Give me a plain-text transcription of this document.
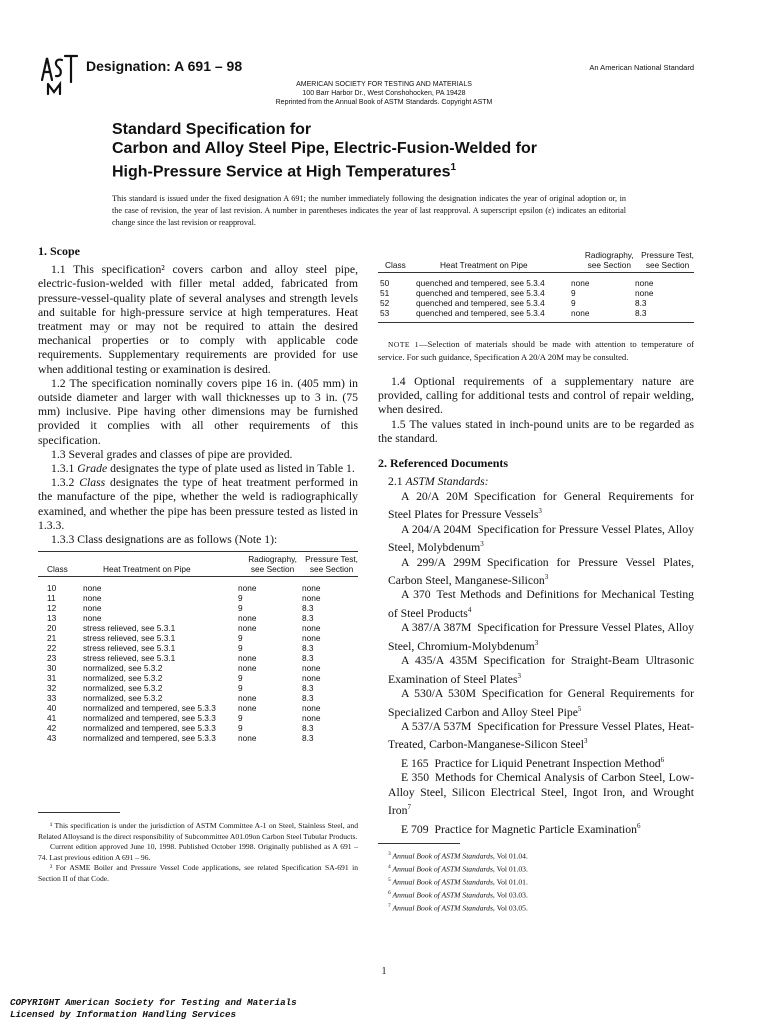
Designation: A 691 – 98	An American National Standard
AMERICAN SOCIETY FOR TESTING AND MATERIALS
100 Barr Harbor Dr., West Conshohocken, PA 19428
Reprinted from the Annual Book of ASTM Standards. Copyright ASTM
Standard Specification for
Carbon and Alloy Steel Pipe, Electric-Fusion-Welded for
High-Pressure Service at High Temperatures$^1$
This standard is issued under the fixed designation A 691; the number immediately following the designation indicates the year of original adoption or, in the case of revision, the year of last revision. A number in parentheses indicates the year of last reapproval. A superscript epsilon (ε) indicates an editorial change since the last revision or reapproval.
1. Scope

1.1 This specification² covers carbon and alloy steel pipe, electric-fusion-welded with filler metal added, fabricated from pressure-vessel-quality plate of several analyses and strength levels and suitable for high-pressure service at high temperatures. Heat treatment may or may not be required to attain the desired mechanical properties or to comply with applicable code requirements. Supplementary requirements are provided for use when additional testing or examination is desired.

1.2 The specification nominally covers pipe 16 in. (405 mm) in outside diameter and larger with wall thicknesses up to 3 in. (75 mm) inclusive. Pipe having other dimensions may be furnished provided it complies with all other requirements of this specification.

1.3 Several grades and classes of pipe are provided.

1.3.1 Grade designates the type of plate used as listed in Table 1.

1.3.2 Class designates the type of heat treatment performed in the manufacture of the pipe, whether the weld is radiographically examined, and whether the pipe has been pressure tested as listed in 1.3.3.

1.3.3 Class designations are as follows (Note 1):

Class	Heat Treatment on Pipe	Radiography,
see Section	Pressure Test,
see Section
10	none	none	none
11	none	9	none
12	none	9	8.3
13	none	none	8.3
20	stress relieved, see 5.3.1	none	none
21	stress relieved, see 5.3.1	9	none
22	stress relieved, see 5.3.1	9	8.3
23	stress relieved, see 5.3.1	none	8.3
30	normalized, see 5.3.2	none	none
31	normalized, see 5.3.2	9	none
32	normalized, see 5.3.2	9	8.3
33	normalized, see 5.3.2	none	8.3
40	normalized and tempered, see 5.3.3	none	none
41	normalized and tempered, see 5.3.3	9	none
42	normalized and tempered, see 5.3.3	9	8.3
43	normalized and tempered, see 5.3.3	none	8.3

¹ This specification is under the jurisdiction of ASTM Committee A-1 on Steel, Stainless Steel, and Related Alloysand is the direct responsibility of Subcommittee A01.09on Carbon Steel Tubular Products.

Current edition approved June 10, 1998. Published October 1998. Originally published as A 691 – 74. Last previous edition A 691 – 96.

² For ASME Boiler and Pressure Vessel Code applications, see related Specification SA-691 in Section II of that Code.

Class	Heat Treatment on Pipe	Radiography,
see Section	Pressure Test,
see Section
50	quenched and tempered, see 5.3.4	none	none
51	quenched and tempered, see 5.3.4	9	none
52	quenched and tempered, see 5.3.4	9	8.3
53	quenched and tempered, see 5.3.4	none	8.3
NOTE 1—Selection of materials should be made with attention to temperature of service. For such guidance, Specification A 20/A 20M may be consulted.

1.4 Optional requirements of a supplementary nature are provided, calling for additional tests and control of repair welding, when desired.

1.5 The values stated in inch-pound units are to be regarded as the standard.

2. Referenced Documents

2.1 ASTM Standards:

A 20/A 20M Specification for General Requirements for Steel Plates for Pressure Vessels$^3$

A 204/A 204M Specification for Pressure Vessel Plates, Alloy Steel, Molybdenum$^3$

A 299/A 299M Specification for Pressure Vessel Plates, Carbon Steel, Manganese-Silicon$^3$

A 370 Test Methods and Definitions for Mechanical Testing of Steel Products$^4$

A 387/A 387M Specification for Pressure Vessel Plates, Alloy Steel, Chromium-Molybdenum$^3$

A 435/A 435M Specification for Straight-Beam Ultrasonic Examination of Steel Plates$^3$

A 530/A 530M Specification for General Requirements for Specialized Carbon and Alloy Steel Pipe$^5$

A 537/A 537M Specification for Pressure Vessel Plates, Heat-Treated, Carbon-Manganese-Silicon Steel$^3$

E 165 Practice for Liquid Penetrant Inspection Method$^6$

E 350 Methods for Chemical Analysis of Carbon Steel, Low-Alloy Steel, Silicon Electrical Steel, Ingot Iron, and Wrought Iron$^7$

E 709 Practice for Magnetic Particle Examination$^6$

$^3$ Annual Book of ASTM Standards, Vol 01.04.
$^4$ Annual Book of ASTM Standards, Vol 01.03.
$^5$ Annual Book of ASTM Standards, Vol 01.01.
$^6$ Annual Book of ASTM Standards, Vol 03.03.
$^7$ Annual Book of ASTM Standards, Vol 03.05.
1
COPYRIGHT American Society for Testing and Materials
Licensed by Information Handling Services
